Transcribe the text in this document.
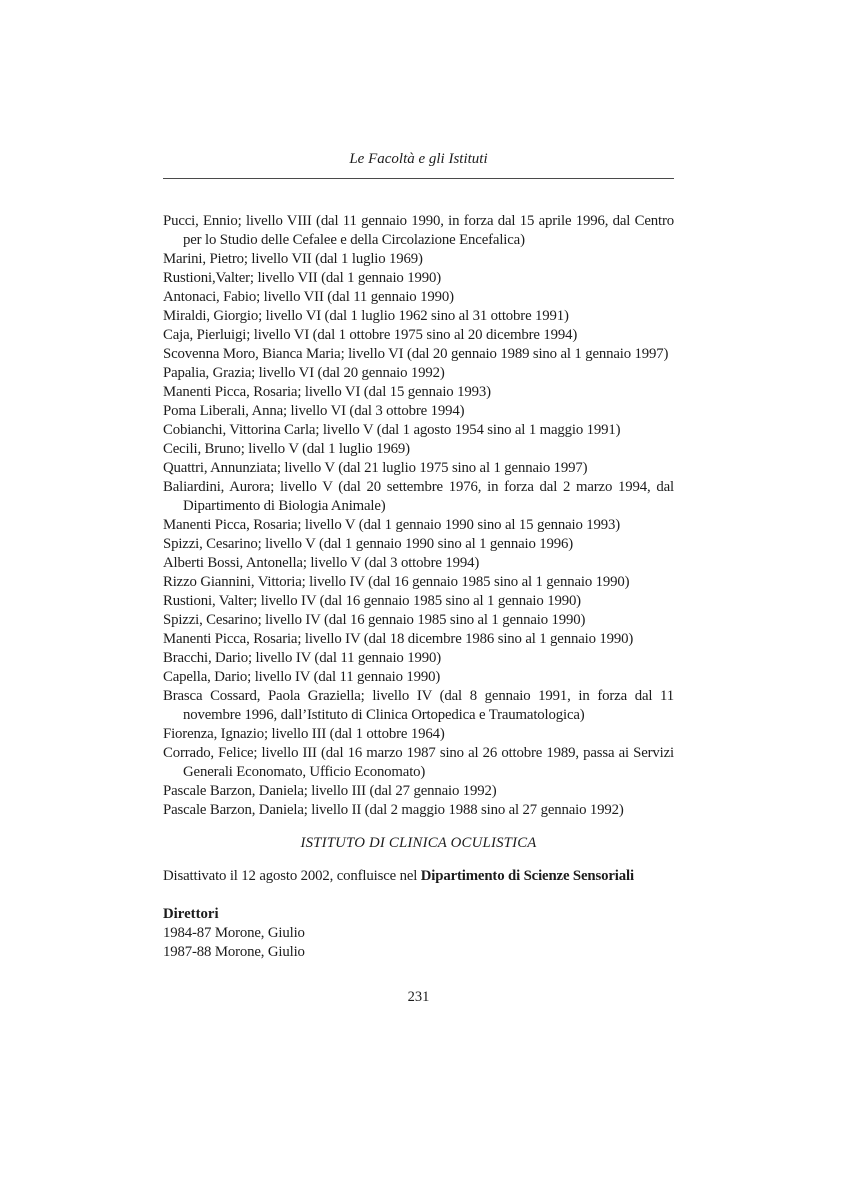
Le Facoltà e gli Istituti
Pucci, Ennio; livello VIII (dal 11 gennaio 1990, in forza dal 15 aprile 1996, dal Centro per lo Studio delle Cefalee e della Circolazione Encefalica)
Marini, Pietro; livello VII (dal 1 luglio 1969)
Rustioni,Valter; livello VII (dal 1 gennaio 1990)
Antonaci, Fabio; livello VII (dal 11 gennaio 1990)
Miraldi, Giorgio; livello VI (dal 1 luglio 1962 sino al 31 ottobre 1991)
Caja, Pierluigi; livello VI (dal 1 ottobre 1975 sino al 20 dicembre 1994)
Scovenna Moro, Bianca Maria; livello VI (dal 20 gennaio 1989 sino al 1 gennaio 1997)
Papalia, Grazia; livello VI (dal 20 gennaio 1992)
Manenti Picca, Rosaria; livello VI (dal 15 gennaio 1993)
Poma Liberali, Anna; livello VI (dal 3 ottobre 1994)
Cobianchi, Vittorina Carla; livello V (dal 1 agosto 1954 sino al 1 maggio 1991)
Cecili, Bruno; livello V (dal 1 luglio 1969)
Quattri, Annunziata; livello V (dal 21 luglio 1975 sino al 1 gennaio 1997)
Baliardini, Aurora; livello V (dal 20 settembre 1976, in forza dal 2 marzo 1994, dal Dipartimento di Biologia Animale)
Manenti Picca, Rosaria; livello V (dal 1 gennaio 1990 sino al 15 gennaio 1993)
Spizzi, Cesarino; livello V (dal 1 gennaio 1990 sino al 1 gennaio 1996)
Alberti Bossi, Antonella; livello V (dal 3 ottobre 1994)
Rizzo Giannini, Vittoria; livello IV (dal 16 gennaio 1985 sino al 1 gennaio 1990)
Rustioni, Valter; livello IV (dal 16 gennaio 1985 sino al 1 gennaio 1990)
Spizzi, Cesarino; livello IV (dal 16 gennaio 1985 sino al 1 gennaio 1990)
Manenti Picca, Rosaria; livello IV (dal 18 dicembre 1986 sino al 1 gennaio 1990)
Bracchi, Dario; livello IV (dal 11 gennaio 1990)
Capella, Dario; livello IV (dal 11 gennaio 1990)
Brasca Cossard, Paola Graziella; livello IV (dal 8 gennaio 1991, in forza dal 11 novembre 1996, dall’Istituto di Clinica Ortopedica e Traumatologica)
Fiorenza, Ignazio; livello III (dal 1 ottobre 1964)
Corrado, Felice; livello III (dal 16 marzo 1987 sino al 26 ottobre 1989, passa ai Servizi Generali Economato, Ufficio Economato)
Pascale Barzon, Daniela; livello III (dal 27 gennaio 1992)
Pascale Barzon, Daniela; livello II (dal 2 maggio 1988 sino al 27 gennaio 1992)
ISTITUTO DI CLINICA OCULISTICA

Disattivato il 12 agosto 2002, confluisce nel Dipartimento di Scienze Sensoriali

Direttori
1984-87 Morone, Giulio
1987-88 Morone, Giulio
231
